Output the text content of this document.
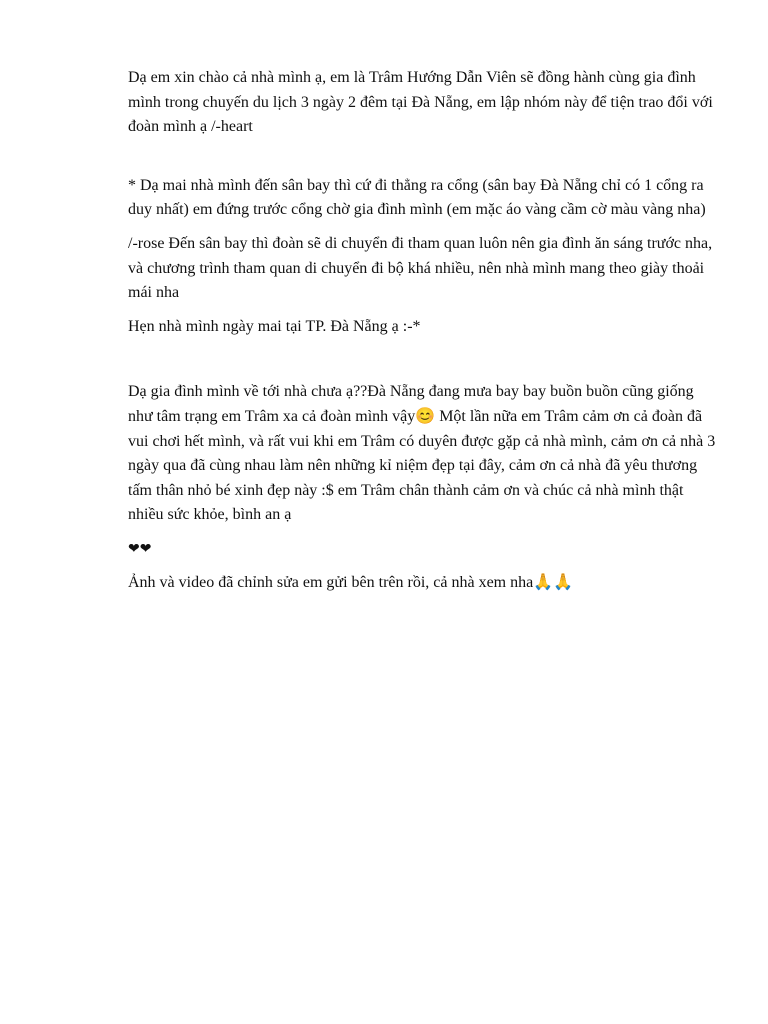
Dạ em xin chào cả nhà mình ạ, em là Trâm Hướng Dẫn Viên sẽ đồng hành cùng gia đình mình trong chuyến du lịch 3 ngày 2 đêm tại Đà Nẵng, em lập nhóm này để tiện trao đổi với đoàn mình ạ /-heart

* Dạ mai nhà mình đến sân bay thì cứ đi thẳng ra cổng (sân bay Đà Nẵng chỉ có 1 cổng ra duy nhất) em đứng trước cổng chờ gia đình mình (em mặc áo vàng cầm cờ màu vàng nha)

/-rose Đến sân bay thì đoàn sẽ di chuyển đi tham quan luôn nên gia đình ăn sáng trước nha, và chương trình tham quan di chuyển đi bộ khá nhiều, nên nhà mình mang theo giày thoải mái nha

Hẹn nhà mình ngày mai tại TP. Đà Nẵng ạ :-*

Dạ gia đình mình về tới nhà chưa ạ??Đà Nẵng đang mưa bay bay buồn buồn cũng giống như tâm trạng em Trâm xa cả đoàn mình vậy😊 Một lần nữa em Trâm cảm ơn cả đoàn đã vui chơi hết mình, và rất vui khi em Trâm có duyên được gặp cả nhà mình, cảm ơn cả nhà 3 ngày qua đã cùng nhau làm nên những kỉ niệm đẹp tại đây, cảm ơn cả nhà đã yêu thương tấm thân nhỏ bé xinh đẹp này :$ em Trâm chân thành cảm ơn và chúc cả nhà mình thật nhiều sức khỏe, bình an ạ

❤❤

Ảnh và video đã chỉnh sửa em gửi bên trên rồi, cả nhà xem nha🙏🙏
